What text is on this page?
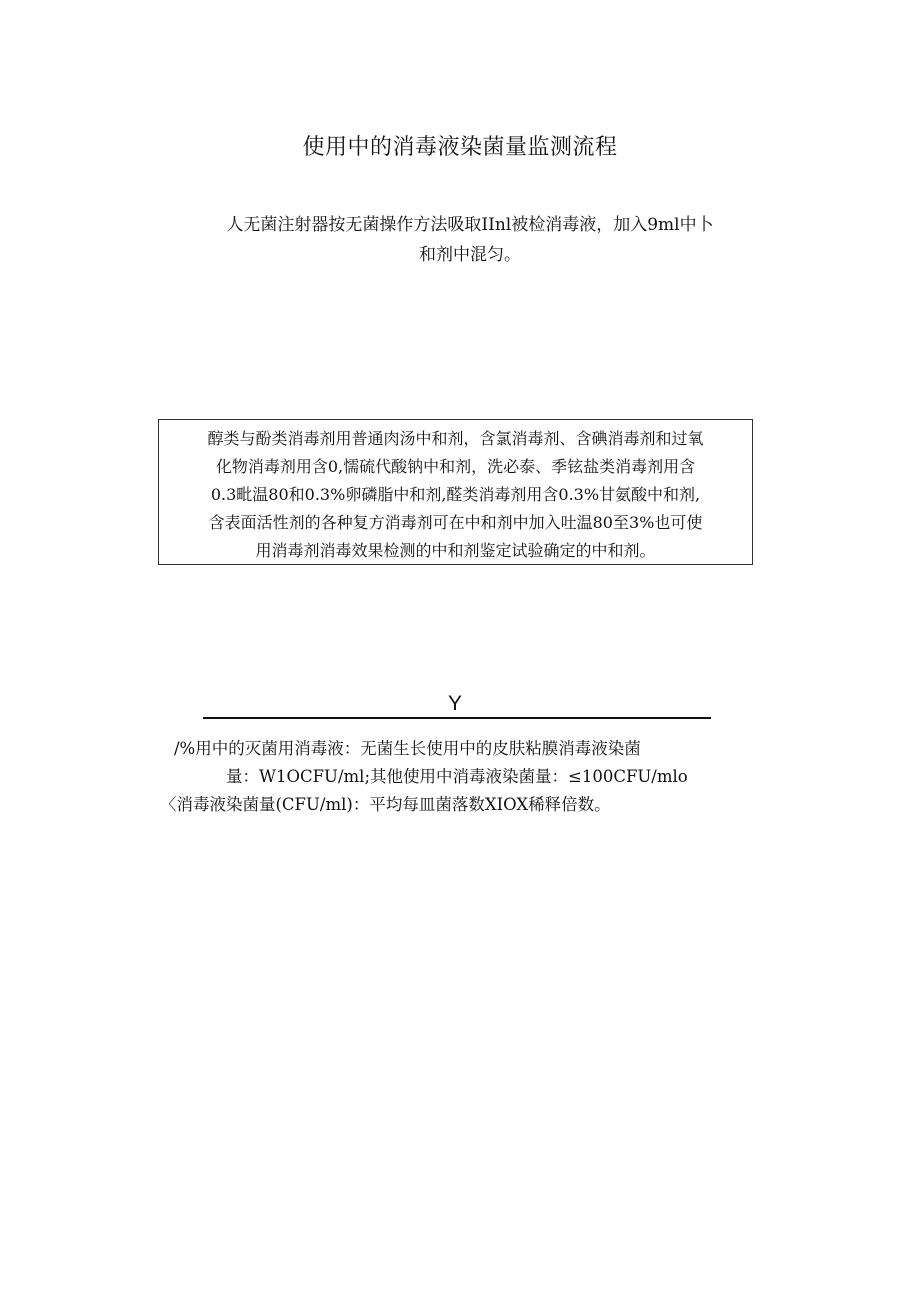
使用中的消毒液染菌量监测流程
人无菌注射器按无菌操作方法吸取IInl被检消毒液，加入9ml中卜
和剂中混匀。
醇类与酚类消毒剂用普通肉汤中和剂，含氯消毒剂、含碘消毒剂和过氧
化物消毒剂用含0,懦硫代酸钠中和剂，洗必泰、季铉盐类消毒剂用含
0.3毗温80和0.3%卵磷脂中和剂,醛类消毒剂用含0.3%甘氨酸中和剂,
含表面活性剂的各种复方消毒剂可在中和剂中加入吐温80至3%也可使
用消毒剂消毒效果检测的中和剂鉴定试验确定的中和剂。
Y
/%用中的灭菌用消毒液：无菌生长使用中的皮肤粘膜消毒液染菌
量：W1OCFU/ml;其他使用中消毒液染菌量：≤100CFU/mlo
〈消毒液染菌量(CFU/ml)：平均每皿菌落数XIOX稀释倍数。
